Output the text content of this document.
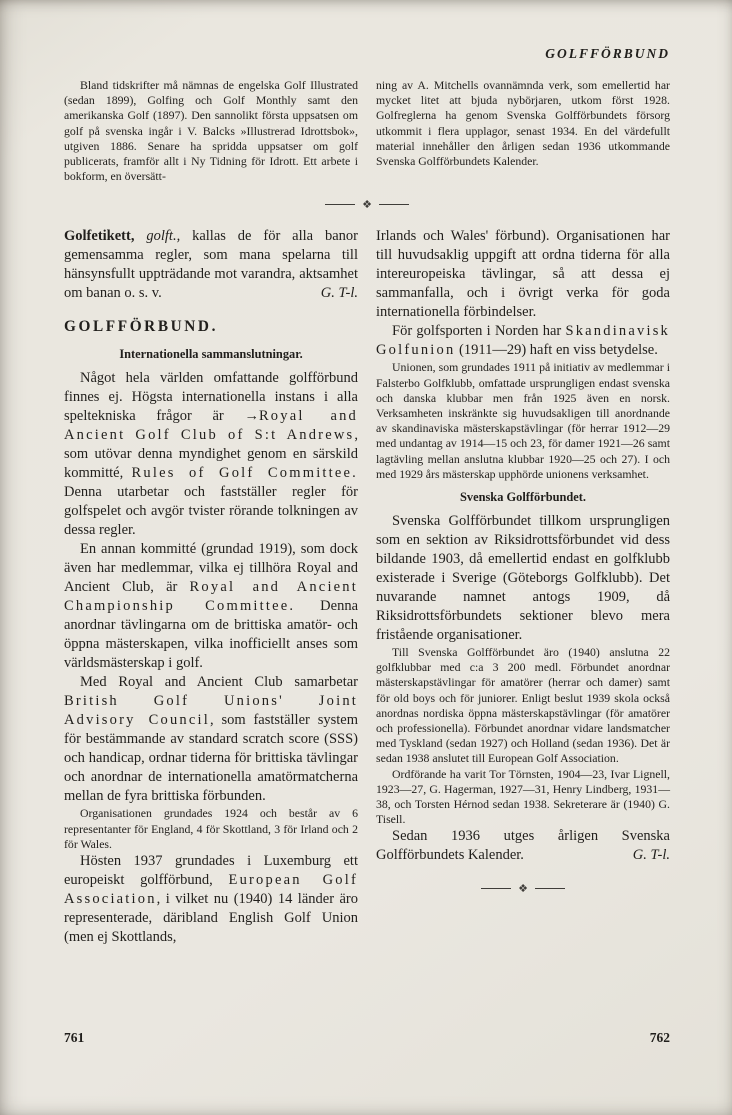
GOLFFÖRBUND

Bland tidskrifter må nämnas de engelska Golf Illustrated (sedan 1899), Golfing och Golf Monthly samt den amerikanska Golf (1897). Den sannolikt första uppsatsen om golf på svenska ingår i V. Balcks »Illustrerad Idrottsbok», utgiven 1886. Senare ha spridda uppsatser om golf publicerats, framför allt i Ny Tidning för Idrott. Ett arbete i bokform, en översätt-

ning av A. Mitchells ovannämnda verk, som emellertid har mycket litet att bjuda nybörjaren, utkom först 1928. Golfreglerna ha genom Svenska Golfförbundets försorg utkommit i flera upplagor, senast 1934. En del värdefullt material innehåller den årligen sedan 1936 utkommande Svenska Golfförbundets Kalender.

❖

Golfetikett, golft., kallas de för alla banor gemensamma regler, som mana spelarna till hänsynsfullt uppträdande mot varandra, aktsamhet om banan o. s. v.	G. T-l.

GOLFFÖRBUND.

Internationella sammanslutningar.

Något hela världen omfattande golfförbund finnes ej. Högsta internationella instans i alla speltekniska frågor är →Royal and Ancient Golf Club of S:t Andrews, som utövar denna myndighet genom en särskild kommitté, Rules of Golf Committee. Denna utarbetar och fastställer regler för golfspelet och avgör tvister rörande tolkningen av dessa regler.

En annan kommitté (grundad 1919), som dock även har medlemmar, vilka ej tillhöra Royal and Ancient Club, är Royal and Ancient Championship Committee. Denna anordnar tävlingarna om de brittiska amatör- och öppna mästerskapen, vilka inofficiellt anses som världsmästerskap i golf.

Med Royal and Ancient Club samarbetar British Golf Unions' Joint Advisory Council, som fastställer system för bestämmande av standard scratch score (SSS) och handicap, ordnar tiderna för brittiska tävlingar och anordnar de internationella amatörmatcherna mellan de fyra brittiska förbunden.

Organisationen grundades 1924 och består av 6 representanter för England, 4 för Skottland, 3 för Irland och 2 för Wales.

Hösten 1937 grundades i Luxemburg ett europeiskt golfförbund, European Golf Association, i vilket nu (1940) 14 länder äro representerade, däribland English Golf Union (men ej Skottlands,

Irlands och Wales' förbund). Organisationen har till huvudsaklig uppgift att ordna tiderna för alla intereuropeiska tävlingar, så att dessa ej sammanfalla, och i övrigt verka för goda internationella förbindelser.

För golfsporten i Norden har Skandinavisk Golfunion (1911—29) haft en viss betydelse.

Unionen, som grundades 1911 på initiativ av medlemmar i Falsterbo Golfklubb, omfattade ursprungligen endast svenska och danska klubbar men från 1925 även en norsk. Verksamheten inskränkte sig huvudsakligen till anordnande av skandinaviska mästerskapstävlingar (för herrar 1912—29 med undantag av 1914—15 och 23, för damer 1921—26 samt lagtävling mellan anslutna klubbar 1920—25 och 27). I och med 1929 års mästerskap upphörde unionens verksamhet.

Svenska Golfförbundet.

Svenska Golfförbundet tillkom ursprungligen som en sektion av Riksidrottsförbundet vid dess bildande 1903, då emellertid endast en golfklubb existerade i Sverige (Göteborgs Golfklubb). Det nuvarande namnet antogs 1909, då Riksidrottsförbundets sektioner blevo mera fristående organisationer.

Till Svenska Golfförbundet äro (1940) anslutna 22 golfklubbar med c:a 3 200 medl. Förbundet anordnar mästerskapstävlingar för amatörer (herrar och damer) samt för old boys och för juniorer. Enligt beslut 1939 skola också anordnas nordiska öppna mästerskapstävlingar (för amatörer och professionella). Förbundet anordnar vidare landsmatcher med Tyskland (sedan 1927) och Holland (sedan 1936). Det är sedan 1938 anslutet till European Golf Association.

Ordförande ha varit Tor Törnsten, 1904—23, Ivar Lignell, 1923—27, G. Hagerman, 1927—31, Henry Lindberg, 1931—38, och Torsten Hérnod sedan 1938. Sekreterare är (1940) G. Tisell.

Sedan 1936 utges årligen Svenska Golfförbundets Kalender.	G. T-l.

❖

761	762
